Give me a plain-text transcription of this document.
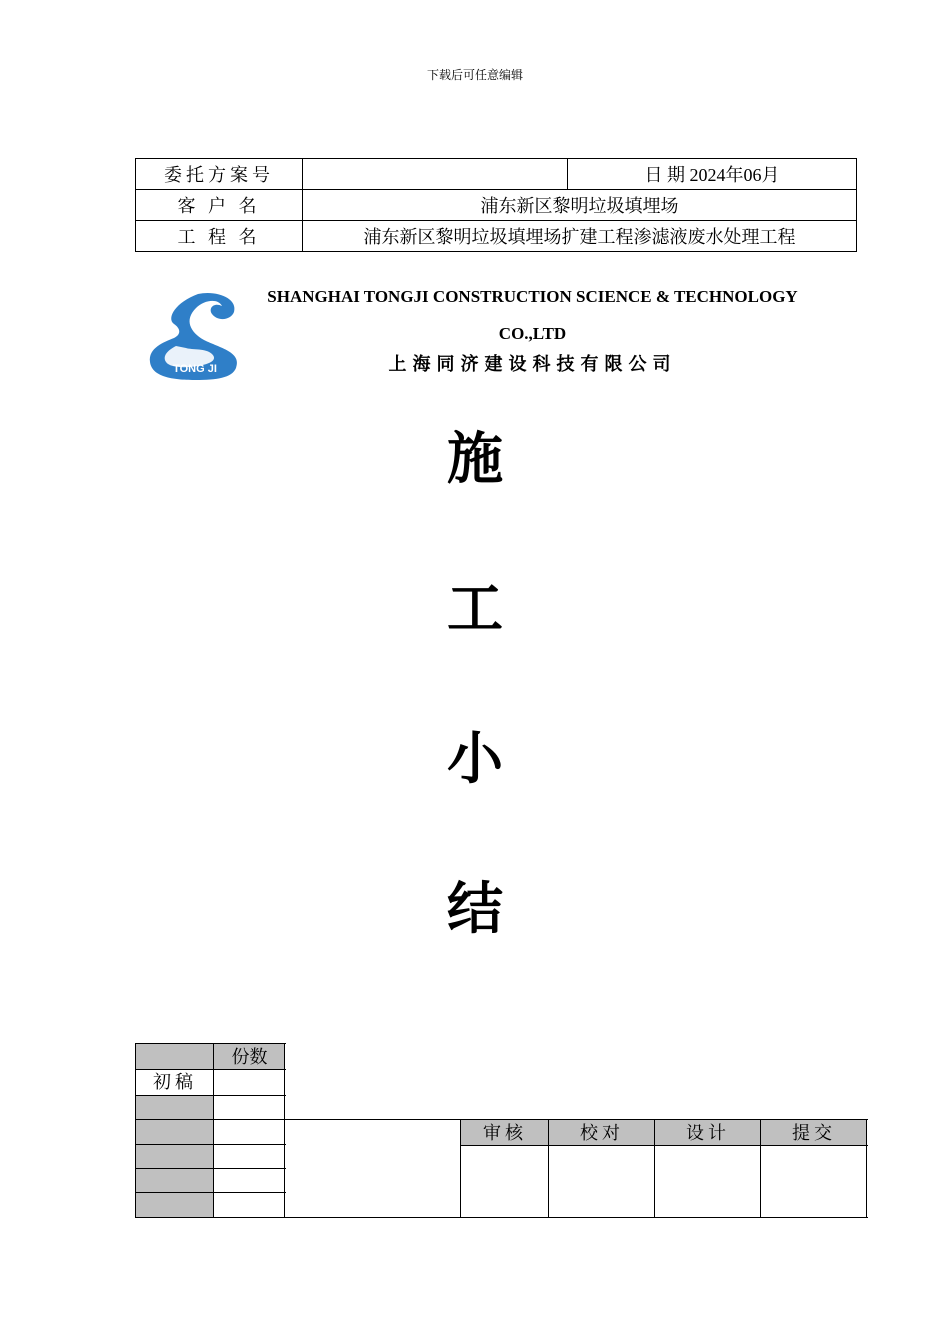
下载后可任意编辑
委托方案号		日 期 2024年06月
客 户 名	浦东新区黎明垃圾填埋场	
工 程 名	浦东新区黎明垃圾填埋场扩建工程渗滤液废水处理工程	
TONG JI
SHANGHAI TONGJI CONSTRUCTION SCIENCE & TECHNOLOGY
CO.,LTD
上海同济建设科技有限公司
施
工
小
结
份数
初稿
审核	校对	设计	提交
